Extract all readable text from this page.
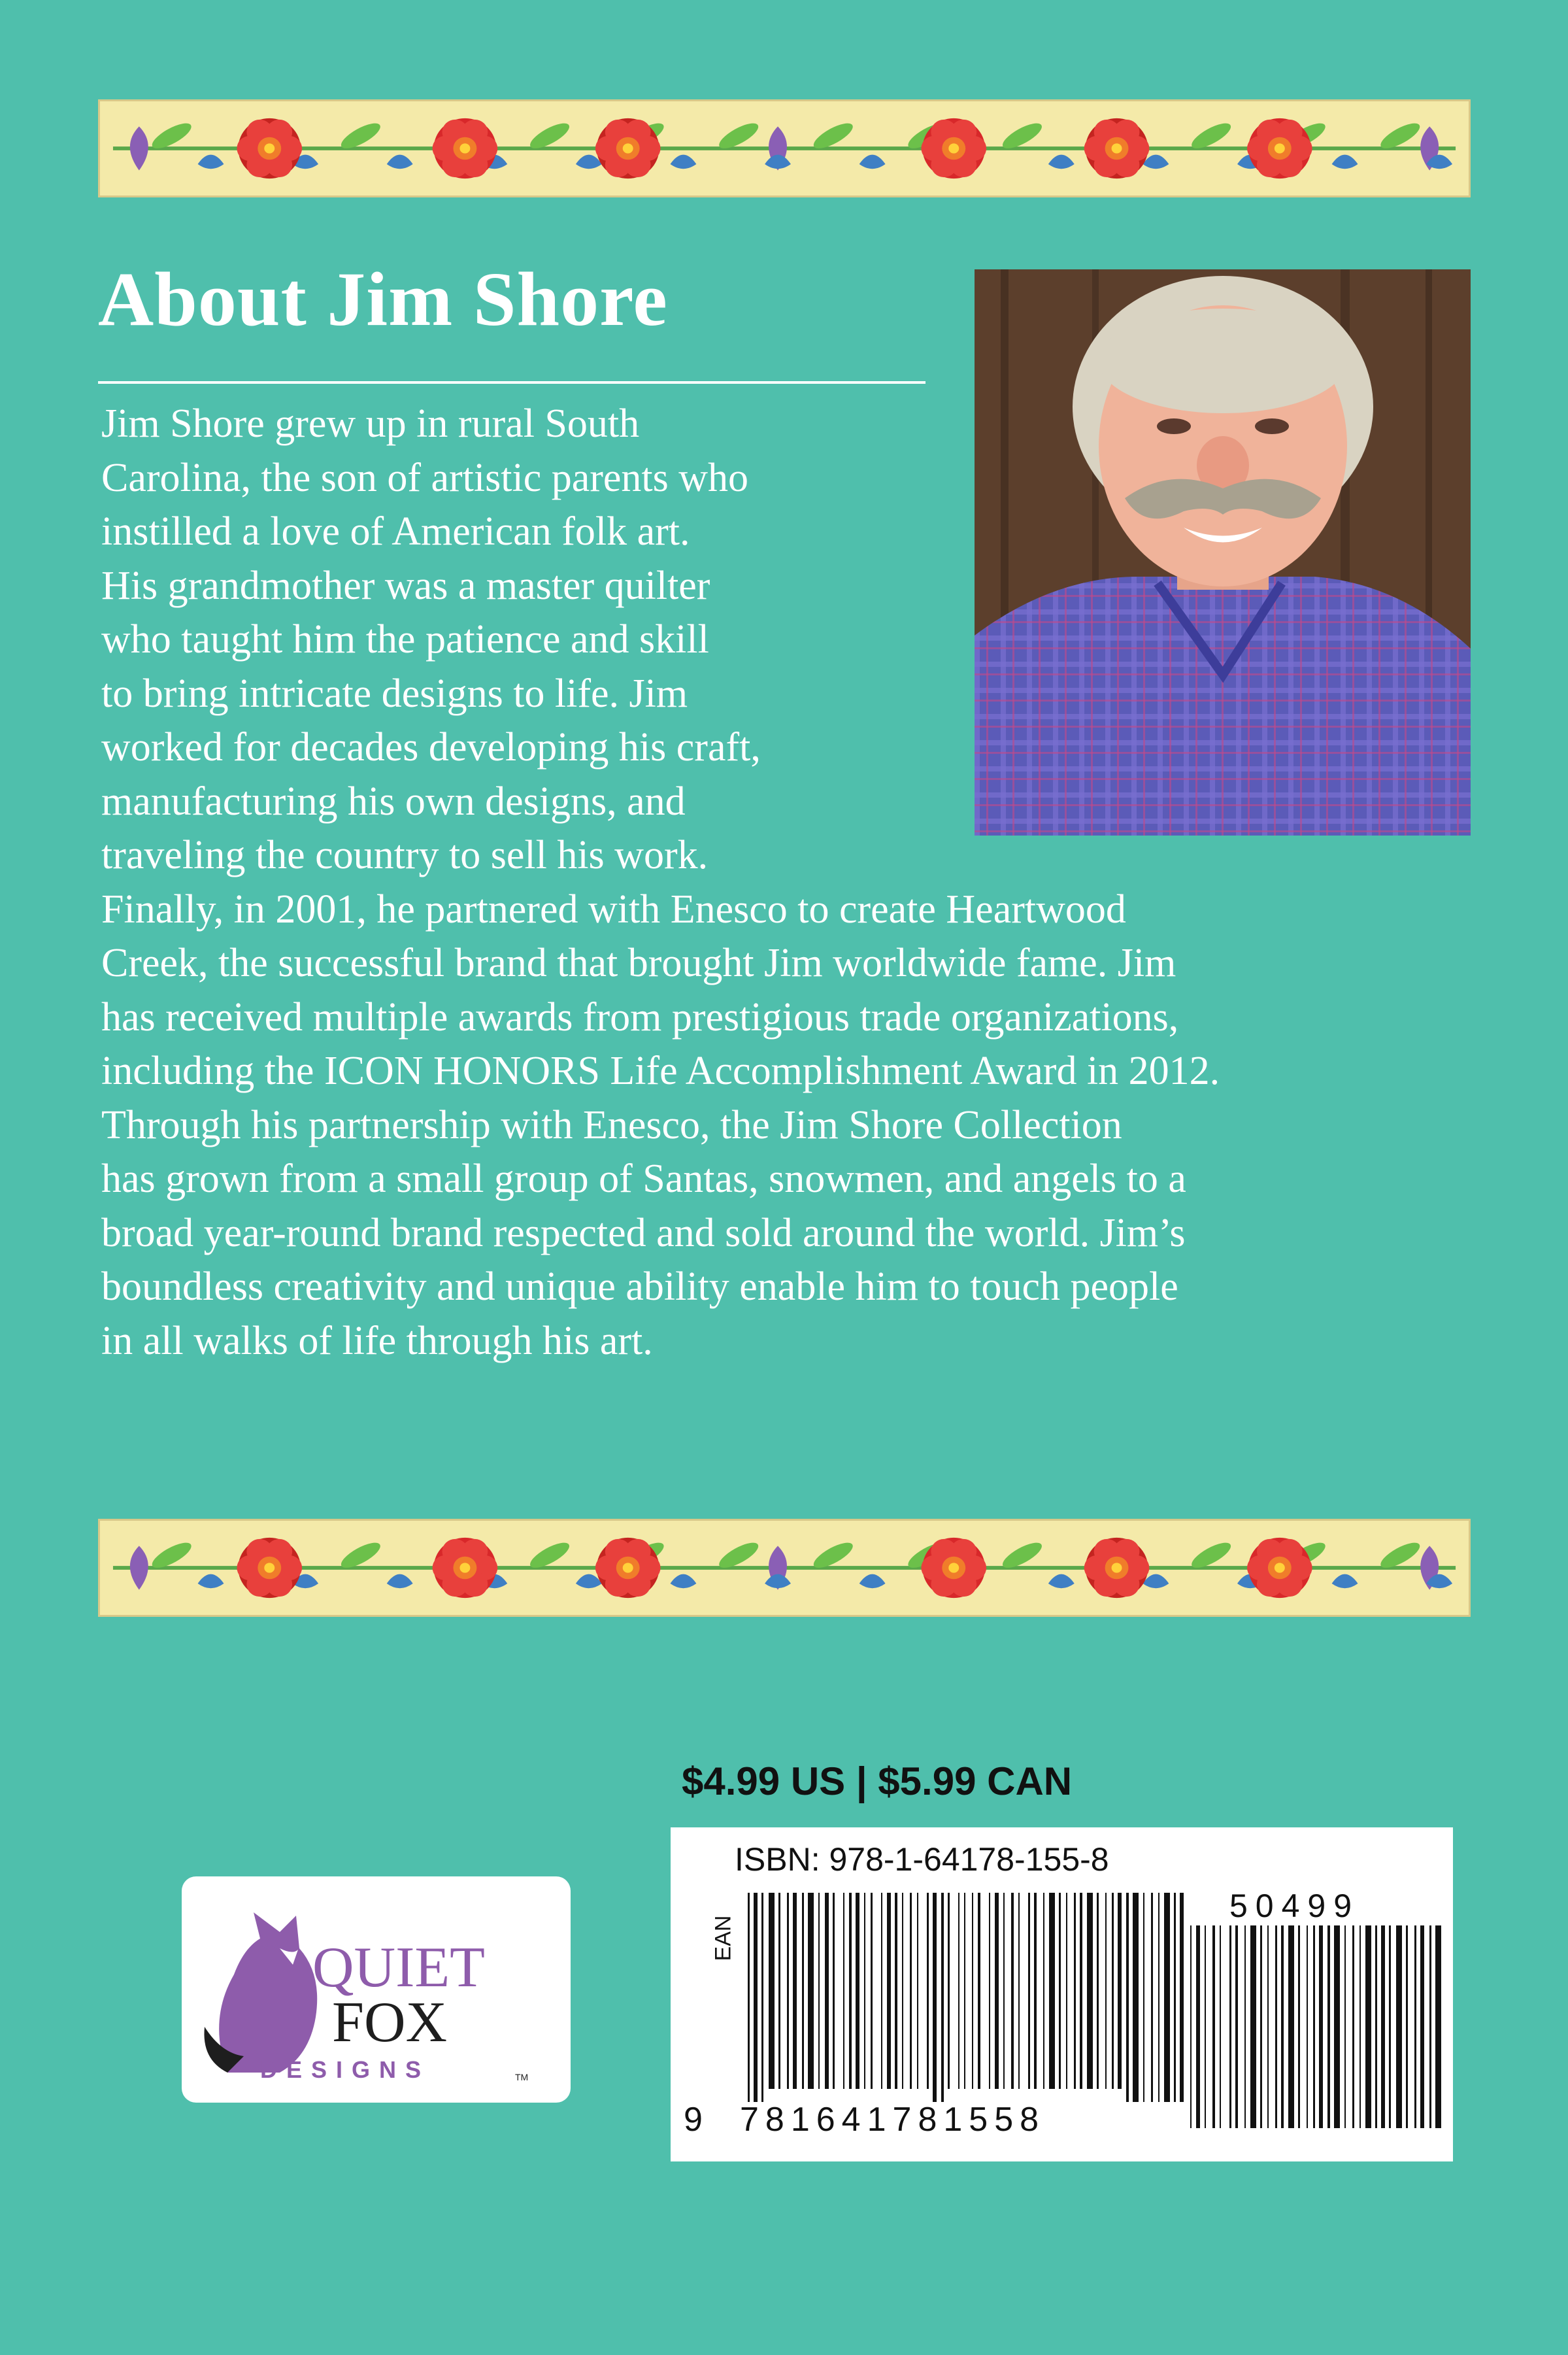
About Jim Shore
Jim Shore grew up in rural South
Carolina, the son of artistic parents who
instilled a love of American folk art.
His grandmother was a master quilter
who taught him the patience and skill
to bring intricate designs to life. Jim
worked for decades developing his craft,
manufacturing his own designs, and
traveling the country to sell his work.
Finally, in 2001, he partnered with Enesco to create Heartwood
Creek, the successful brand that brought Jim worldwide fame. Jim
has received multiple awards from prestigious trade organizations,
including the ICON HONORS Life Accomplishment Award in 2012.
Through his partnership with Enesco, the Jim Shore Collection
has grown from a small group of Santas, snowmen, and angels to a
broad year-round brand respected and sold around the world. Jim’s
boundless creativity and unique ability enable him to touch people
in all walks of life through his art.
$4.99 US | $5.99 CAN
QUIET
FOX
DESIGNS	TM
ISBN: 978-1-64178-155-8
EAN
9 781641781558
50499
